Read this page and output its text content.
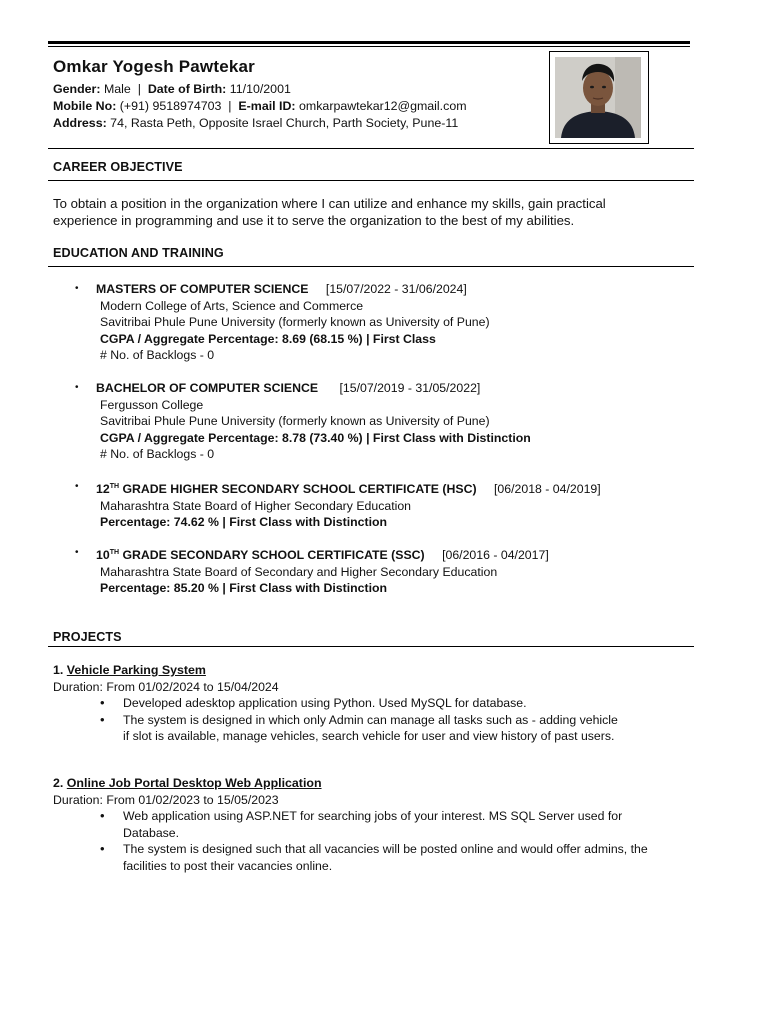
Omkar Yogesh Pawtekar
Gender: Male | Date of Birth: 11/10/2001
Mobile No: (+91) 9518974703 | E-mail ID: omkarpawtekar12@gmail.com
Address: 74, Rasta Peth, Opposite Israel Church, Parth Society, Pune-11
CAREER OBJECTIVE
To obtain a position in the organization where I can utilize and enhance my skills, gain practical
experience in programming and use it to serve the organization to the best of my abilities.
EDUCATION AND TRAINING
• MASTERS OF COMPUTER SCIENCE [15/07/2022 - 31/06/2024]
Modern College of Arts, Science and Commerce
Savitribai Phule Pune University (formerly known as University of Pune)
CGPA / Aggregate Percentage: 8.69 (68.15 %) | First Class
# No. of Backlogs - 0
• BACHELOR OF COMPUTER SCIENCE [15/07/2019 - 31/05/2022]
Fergusson College
Savitribai Phule Pune University (formerly known as University of Pune)
CGPA / Aggregate Percentage: 8.78 (73.40 %) | First Class with Distinction
# No. of Backlogs - 0
• 12TH GRADE HIGHER SECONDARY SCHOOL CERTIFICATE (HSC) [06/2018 - 04/2019]
Maharashtra State Board of Higher Secondary Education
Percentage: 74.62 % | First Class with Distinction
• 10TH GRADE SECONDARY SCHOOL CERTIFICATE (SSC) [06/2016 - 04/2017]
Maharashtra State Board of Secondary and Higher Secondary Education
Percentage: 85.20 % | First Class with Distinction
PROJECTS
1. Vehicle Parking System
Duration: From 01/02/2024 to 15/04/2024
• Developed adesktop application using Python. Used MySQL for database.
• The system is designed in which only Admin can manage all tasks such as - adding vehicle if slot is available, manage vehicles, search vehicle for user and view history of past users.
2. Online Job Portal Desktop Web Application
Duration: From 01/02/2023 to 15/05/2023
• Web application using ASP.NET for searching jobs of your interest. MS SQL Server used for Database.
• The system is designed such that all vacancies will be posted online and would offer admins, the facilities to post their vacancies online.
